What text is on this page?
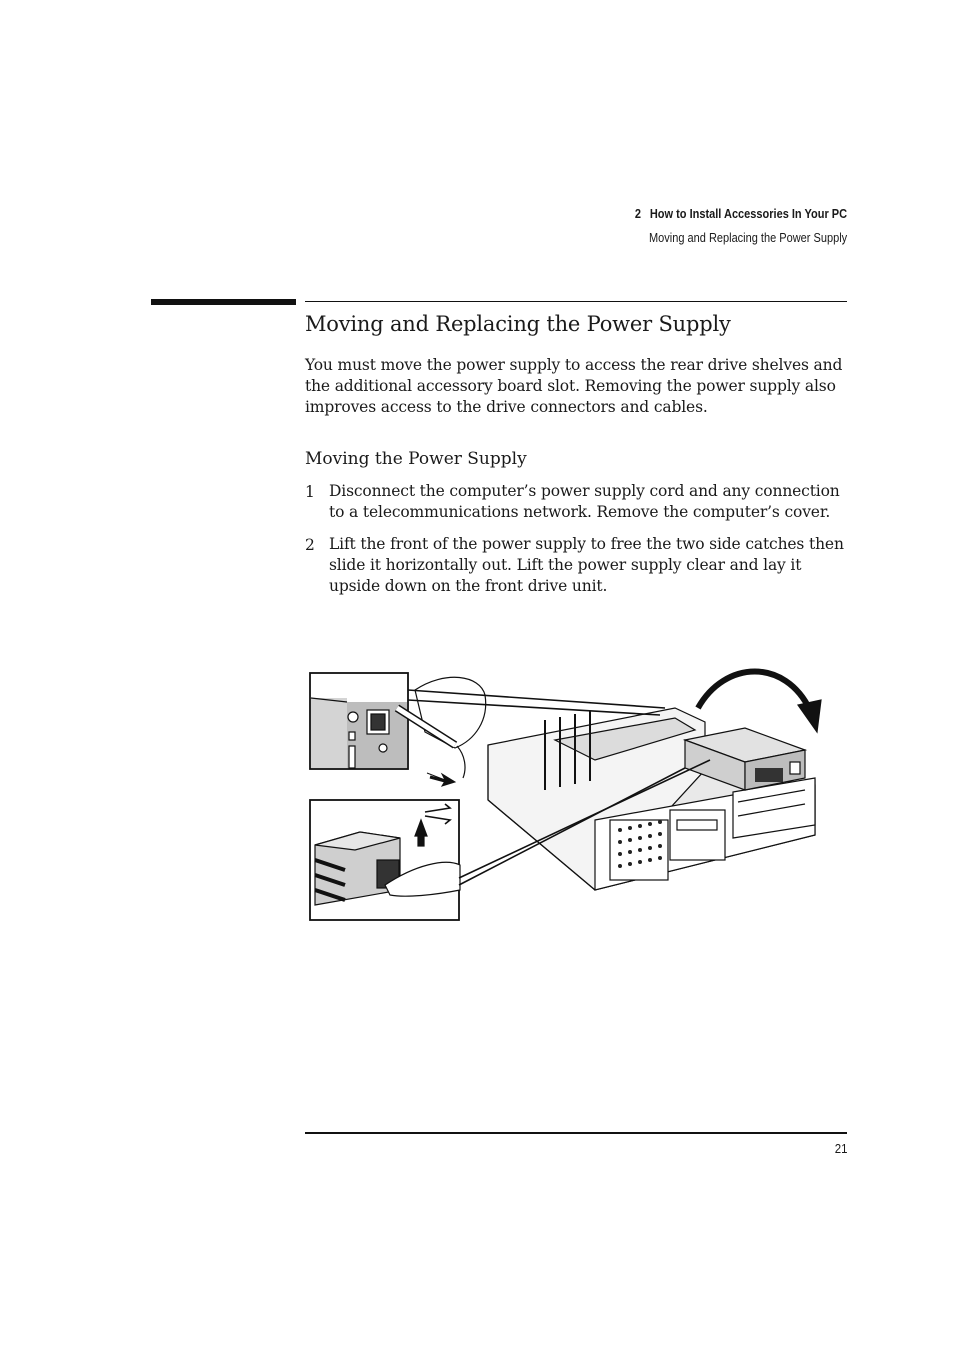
2 How to Install Accessories In Your PC
Moving and Replacing the Power Supply
Moving and Replacing the Power Supply

You must move the power supply to access the rear drive shelves and the additional accessory board slot. Removing the power supply also improves access to the drive connectors and cables.

Moving the Power Supply
1 Disconnect the computer’s power supply cord and any connection to a telecommunications network. Remove the computer’s cover.
2 Lift the front of the power supply to free the two side catches then slide it horizontally out. Lift the power supply clear and lay it upside down on the front drive unit.
21
